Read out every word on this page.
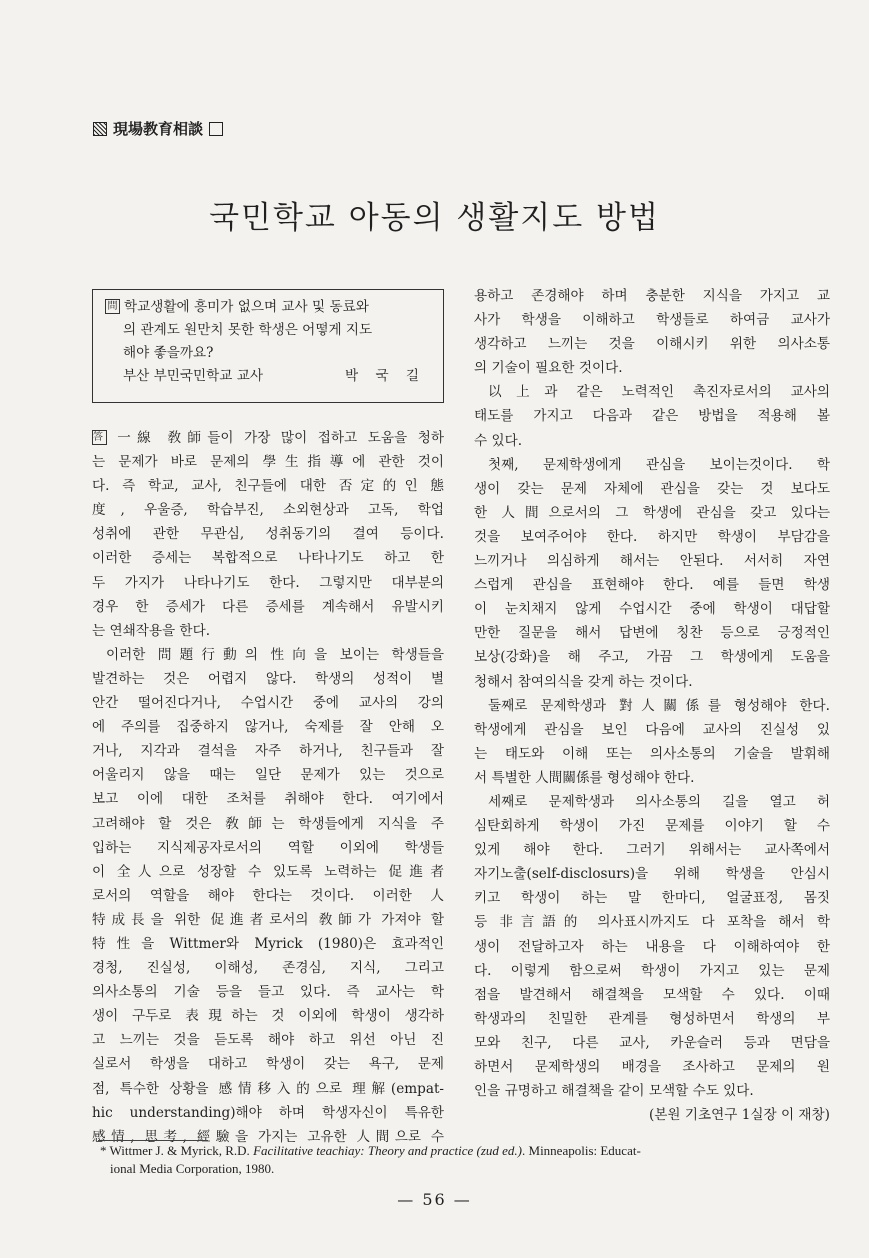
現場教育相談
국민학교 아동의 생활지도 방법
問 학교생활에 흥미가 없으며 교사 및 동료와
의 관계도 원만치 못한 학생은 어떻게 지도
해야 좋을까요?
부산 부민국민학교 교사	박    국    길
答 一線 敎師들이 가장 많이 접하고 도움을 청하
는 문제가 바로 문제의 學生指導에 관한 것이
다. 즉 학교, 교사, 친구들에 대한 否定的인 態
度, 우울증, 학습부진, 소외현상과 고독, 학업
성취에 관한 무관심, 성취동기의 결여 등이다.
이러한 증세는 복합적으로 나타나기도 하고 한
두 가지가 나타나기도 한다. 그렇지만 대부분의
경우 한 증세가 다른 증세를 계속해서 유발시키
는 연쇄작용을 한다.
이러한 問題行動의 性向을 보이는 학생들을
발견하는 것은 어렵지 않다. 학생의 성적이 별
안간 떨어진다거나, 수업시간 중에 교사의 강의
에 주의를 집중하지 않거나, 숙제를 잘 안해 오
거나, 지각과 결석을 자주 하거나, 친구들과 잘
어울리지 않을 때는 일단 문제가 있는 것으로
보고 이에 대한 조처를 취해야 한다. 여기에서
고려해야 할 것은 敎師는 학생들에게 지식을 주
입하는 지식제공자로서의 역할 이외에 학생들
이 全人으로 성장할 수 있도록 노력하는 促進者
로서의 역할을 해야 한다는 것이다. 이러한 人
特成長을 위한 促進者로서의 敎師가 가져야 할
特性을 Wittmer와 Myrick (1980)은 효과적인
경청, 진실성, 이해성, 존경심, 지식, 그리고
의사소통의 기술 등을 들고 있다. 즉 교사는 학
생이 구두로 表現하는 것 이외에 학생이 생각하
고 느끼는 것을 듣도록 해야 하고 위선 아닌 진
실로서 학생을 대하고 학생이 갖는 욕구, 문제
점, 특수한 상황을 感情移入的으로 理解(empat-
hic understanding)해야 하며 학생자신이 특유한
感情, 思考, 經驗을 가지는 고유한 人間으로 수
용하고 존경해야 하며 충분한 지식을 가지고 교
사가 학생을 이해하고 학생들로 하여금 교사가
생각하고 느끼는 것을 이해시키 위한 의사소통
의 기술이 필요한 것이다.
以上과 같은 노력적인 촉진자로서의 교사의
태도를 가지고 다음과 같은 방법을 적용해 볼
수 있다.
첫째, 문제학생에게 관심을 보이는것이다. 학
생이 갖는 문제 자체에 관심을 갖는 것 보다도
한 人間으로서의 그 학생에 관심을 갖고 있다는
것을 보여주어야 한다. 하지만 학생이 부담감을
느끼거나 의심하게 해서는 안된다. 서서히 자연
스럽게 관심을 표현해야 한다. 예를 들면 학생
이 눈치채지 않게 수업시간 중에 학생이 대답할
만한 질문을 해서 답변에 칭찬 등으로 긍정적인
보상(강화)을 해 주고, 가끔 그 학생에게 도움을
청해서 참여의식을 갖게 하는 것이다.
둘째로 문제학생과 對人關係를 형성해야 한다.
학생에게 관심을 보인 다음에 교사의 진실성 있
는 태도와 이해 또는 의사소통의 기술을 발휘해
서 특별한 人間關係를 형성해야 한다.
세째로 문제학생과 의사소통의 길을 열고 허
심탄회하게 학생이 가진 문제를 이야기 할 수
있게 해야 한다. 그러기 위해서는 교사쪽에서
자기노출(self-disclosurs)을 위해 학생을 안심시
키고 학생이 하는 말 한마디, 얼굴표정, 몸짓
등 非言語的 의사표시까지도 다 포착을 해서 학
생이 전달하고자 하는 내용을 다 이해하여야 한
다. 이렇게 함으로써 학생이 가지고 있는 문제
점을 발견해서 해결책을 모색할 수 있다. 이때
학생과의 친밀한 관계를 형성하면서 학생의 부
모와 친구, 다른 교사, 카운슬러 등과 면담을
하면서 문제학생의 배경을 조사하고 문제의 원
인을 규명하고 해결책을 같이 모색할 수도 있다.
(본원 기초연구 1실장 이 재창)
* Wittmer J. & Myrick, R.D. Facilitative teachiay: Theory and practice (zud ed.). Minneapolis: Educat-
ional Media Corporation, 1980.
— 56 —
